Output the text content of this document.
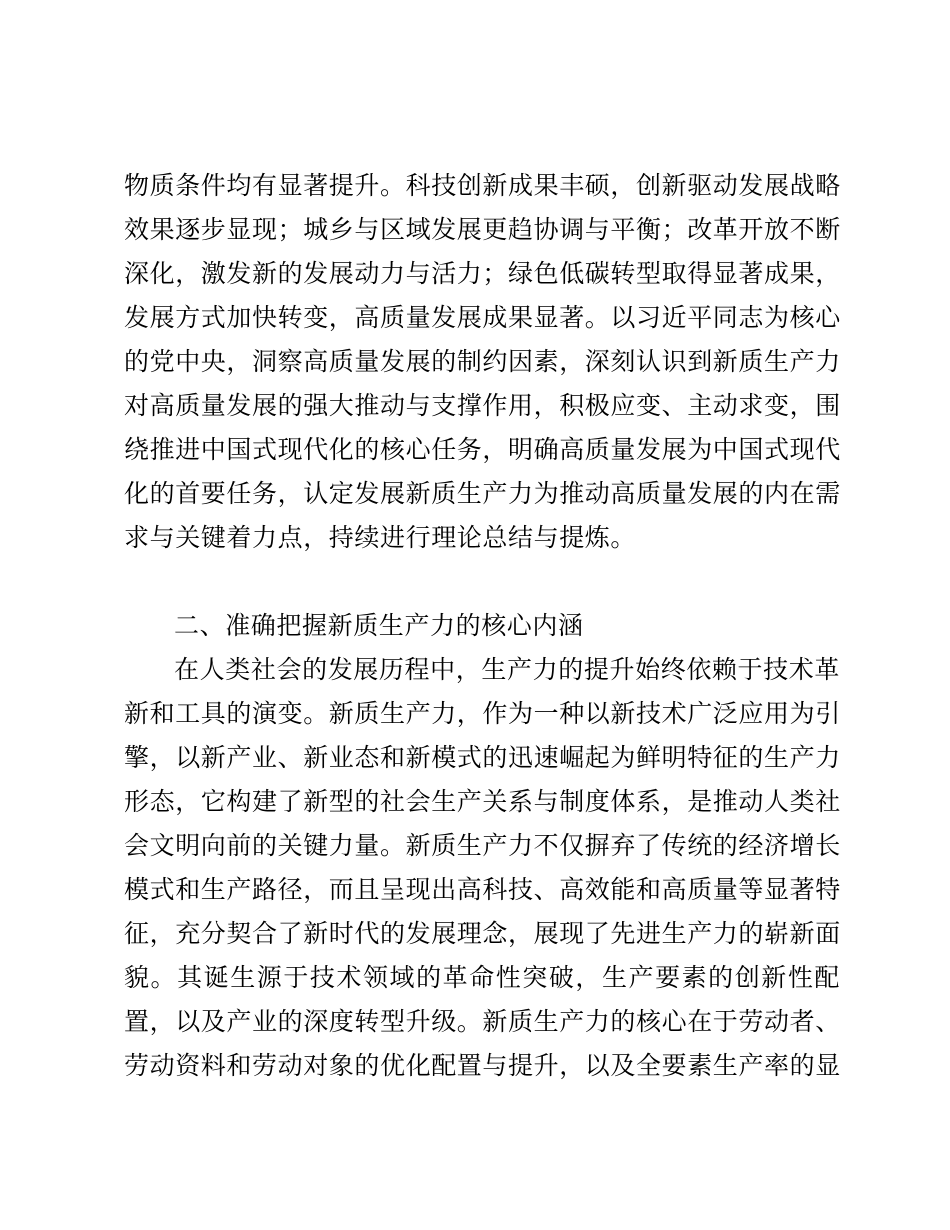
物质条件均有显著提升。科技创新成果丰硕，创新驱动发展战略
效果逐步显现；城乡与区域发展更趋协调与平衡；改革开放不断
深化，激发新的发展动力与活力；绿色低碳转型取得显著成果，
发展方式加快转变，高质量发展成果显著。以习近平同志为核心
的党中央，洞察高质量发展的制约因素，深刻认识到新质生产力
对高质量发展的强大推动与支撑作用，积极应变、主动求变，围
绕推进中国式现代化的核心任务，明确高质量发展为中国式现代
化的首要任务，认定发展新质生产力为推动高质量发展的内在需
求与关键着力点，持续进行理论总结与提炼。
二、准确把握新质生产力的核心内涵
在人类社会的发展历程中，生产力的提升始终依赖于技术革
新和工具的演变。新质生产力，作为一种以新技术广泛应用为引
擎，以新产业、新业态和新模式的迅速崛起为鲜明特征的生产力
形态，它构建了新型的社会生产关系与制度体系，是推动人类社
会文明向前的关键力量。新质生产力不仅摒弃了传统的经济增长
模式和生产路径，而且呈现出高科技、高效能和高质量等显著特
征，充分契合了新时代的发展理念，展现了先进生产力的崭新面
貌。其诞生源于技术领域的革命性突破，生产要素的创新性配
置，以及产业的深度转型升级。新质生产力的核心在于劳动者、
劳动资料和劳动对象的优化配置与提升，以及全要素生产率的显
